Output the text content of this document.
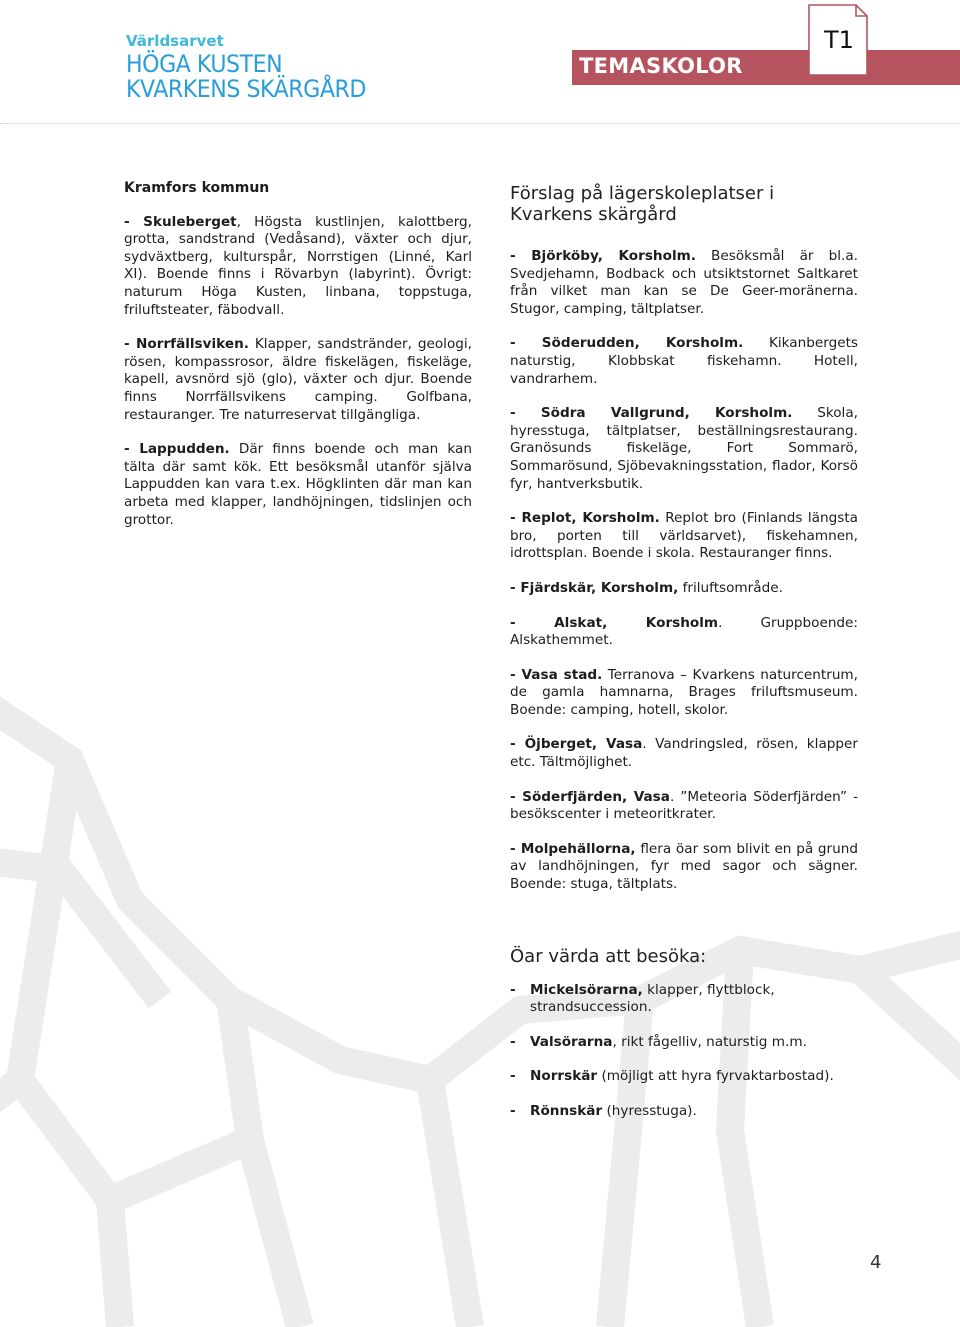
Världsarvet

HÖGA KUSTEN
KVARKENS SKÄRGÅRD
TEMASKOLOR
T1
Kramfors kommun
- Skuleberget, Högsta kustlinjen, kalottberg, grotta, sandstrand (Vedåsand), växter och djur, sydväxtberg, kulturspår, Norrstigen (Linné, Karl XI). Boende finns i Rövarbyn (labyrint). Övrigt: naturum Höga Kusten, linbana, toppstuga, friluftsteater, fäbodvall.
- Norrfällsviken. Klapper, sandstränder, geologi, rösen, kompassrosor, äldre fiskelägen, fiskeläge, kapell, avsnörd sjö (glo), växter och djur. Boende finns Norrfällsvikens camping. Golfbana, restauranger. Tre naturreservat tillgängliga.
- Lappudden. Där finns boende och man kan tälta där samt kök. Ett besöksmål utanför själva Lappudden kan vara t.ex. Högklinten där man kan arbeta med klapper, landhöjningen, tidslinjen och grottor.
Förslag på lägerskoleplatser i Kvarkens skärgård
- Björköby, Korsholm. Besöksmål är bl.a. Svedjehamn, Bodback och utsiktstornet Saltkaret från vilket man kan se De Geer-moränerna. Stugor, camping, tältplatser.
- Söderudden, Korsholm. Kikanbergets naturstig, Klobbskat fiskehamn. Hotell, vandrarhem.
- Södra Vallgrund, Korsholm. Skola, hyresstuga, tältplatser, beställningsrestaurang. Granösunds fiskeläge, Fort Sommarö, Sommarösund, Sjöbevakningsstation, flador, Korsö fyr, hantverksbutik.
- Replot, Korsholm. Replot bro (Finlands längsta bro, porten till världsarvet), fiskehamnen, idrottsplan. Boende i skola. Restauranger finns.
- Fjärdskär, Korsholm, friluftsområde.
- Alskat, Korsholm. Gruppboende: Alskathemmet.
- Vasa stad. Terranova – Kvarkens naturcentrum, de gamla hamnarna, Brages friluftsmuseum. Boende: camping, hotell, skolor.
- Öjberget, Vasa. Vandringsled, rösen, klapper etc. Tältmöjlighet.
- Söderfjärden, Vasa. ”Meteoria Söderfjärden” - besökscenter i meteoritkrater.
- Molpehällorna, flera öar som blivit en på grund av landhöjningen, fyr med sagor och sägner. Boende: stuga, tältplats.
Öar värda att besöka:
-	Mickelsörarna, klapper, flyttblock, strandsuccession.
-	Valsörarna, rikt fågelliv, naturstig m.m.
-	Norrskär (möjligt att hyra fyrvaktarbostad).
-	Rönnskär (hyresstuga).
4
